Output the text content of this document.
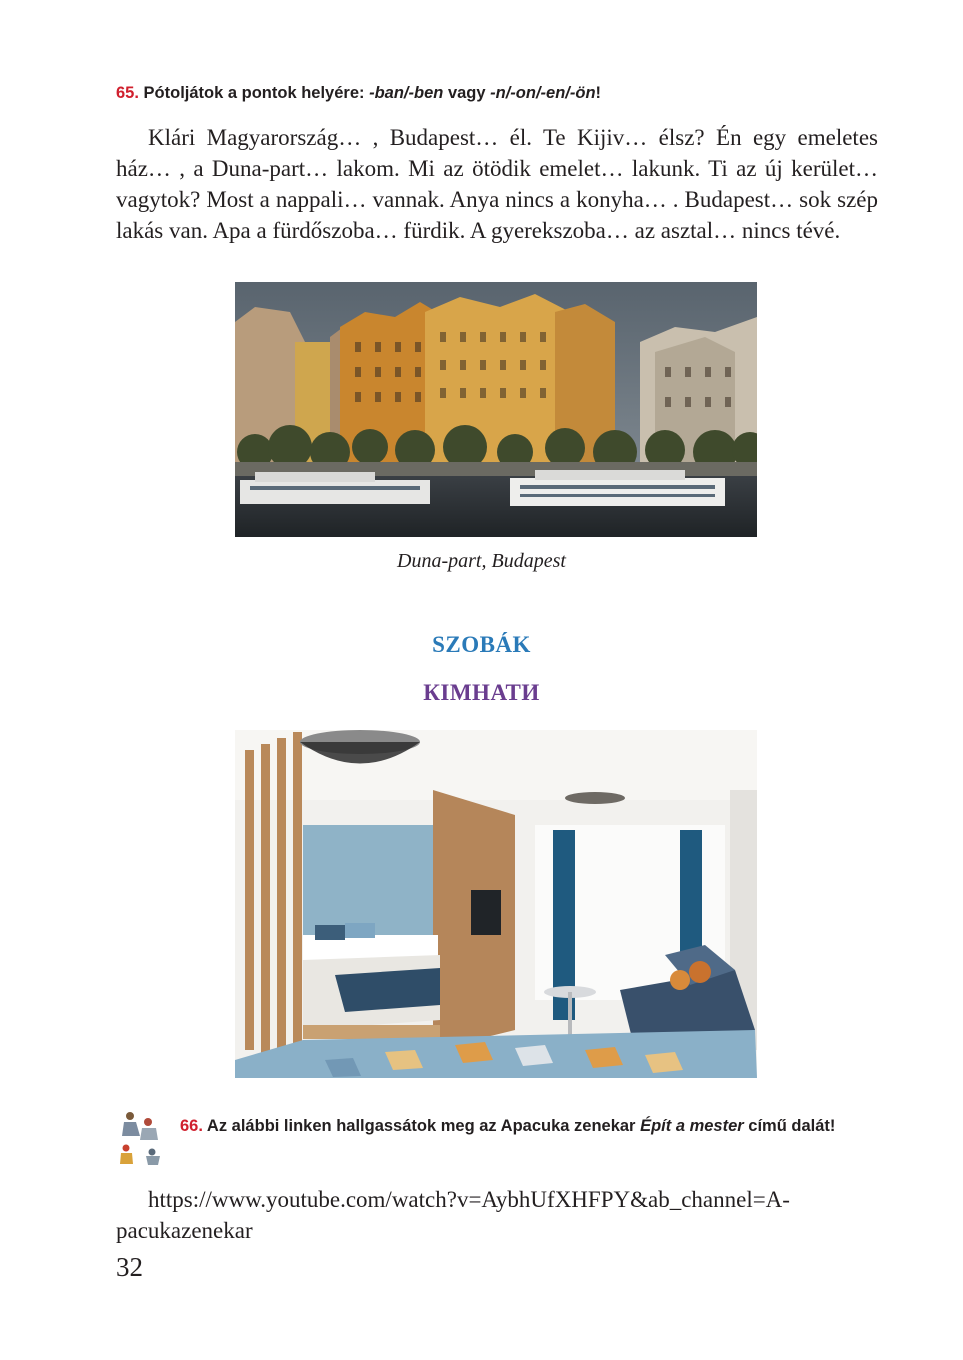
65. Pótoljátok a pontok helyére: -ban/-ben vagy -n/-on/-en/-ön!
Klári Magyarország… , Budapest… él. Te Kijiv… élsz? Én egy emeletes ház… , a Duna-part… lakom. Mi az ötödik emelet… lakunk. Ti az új kerület… vagytok? Most a nappali… vannak. Anya nincs a konyha… . Budapest… sok szép lakás van. Apa a fürdőszoba… fürdik. A gyerekszoba… az asztal… nincs tévé.
Duna-part, Budapest
SZOBÁK
КІМНАТИ
66. Az alábbi linken hallgassátok meg az Apacuka zenekar Épít a mester című dalát!
https://www.youtube.com/watch?v=AybhUfXHFPY&ab_channel=A-
pacukazenekar
32
